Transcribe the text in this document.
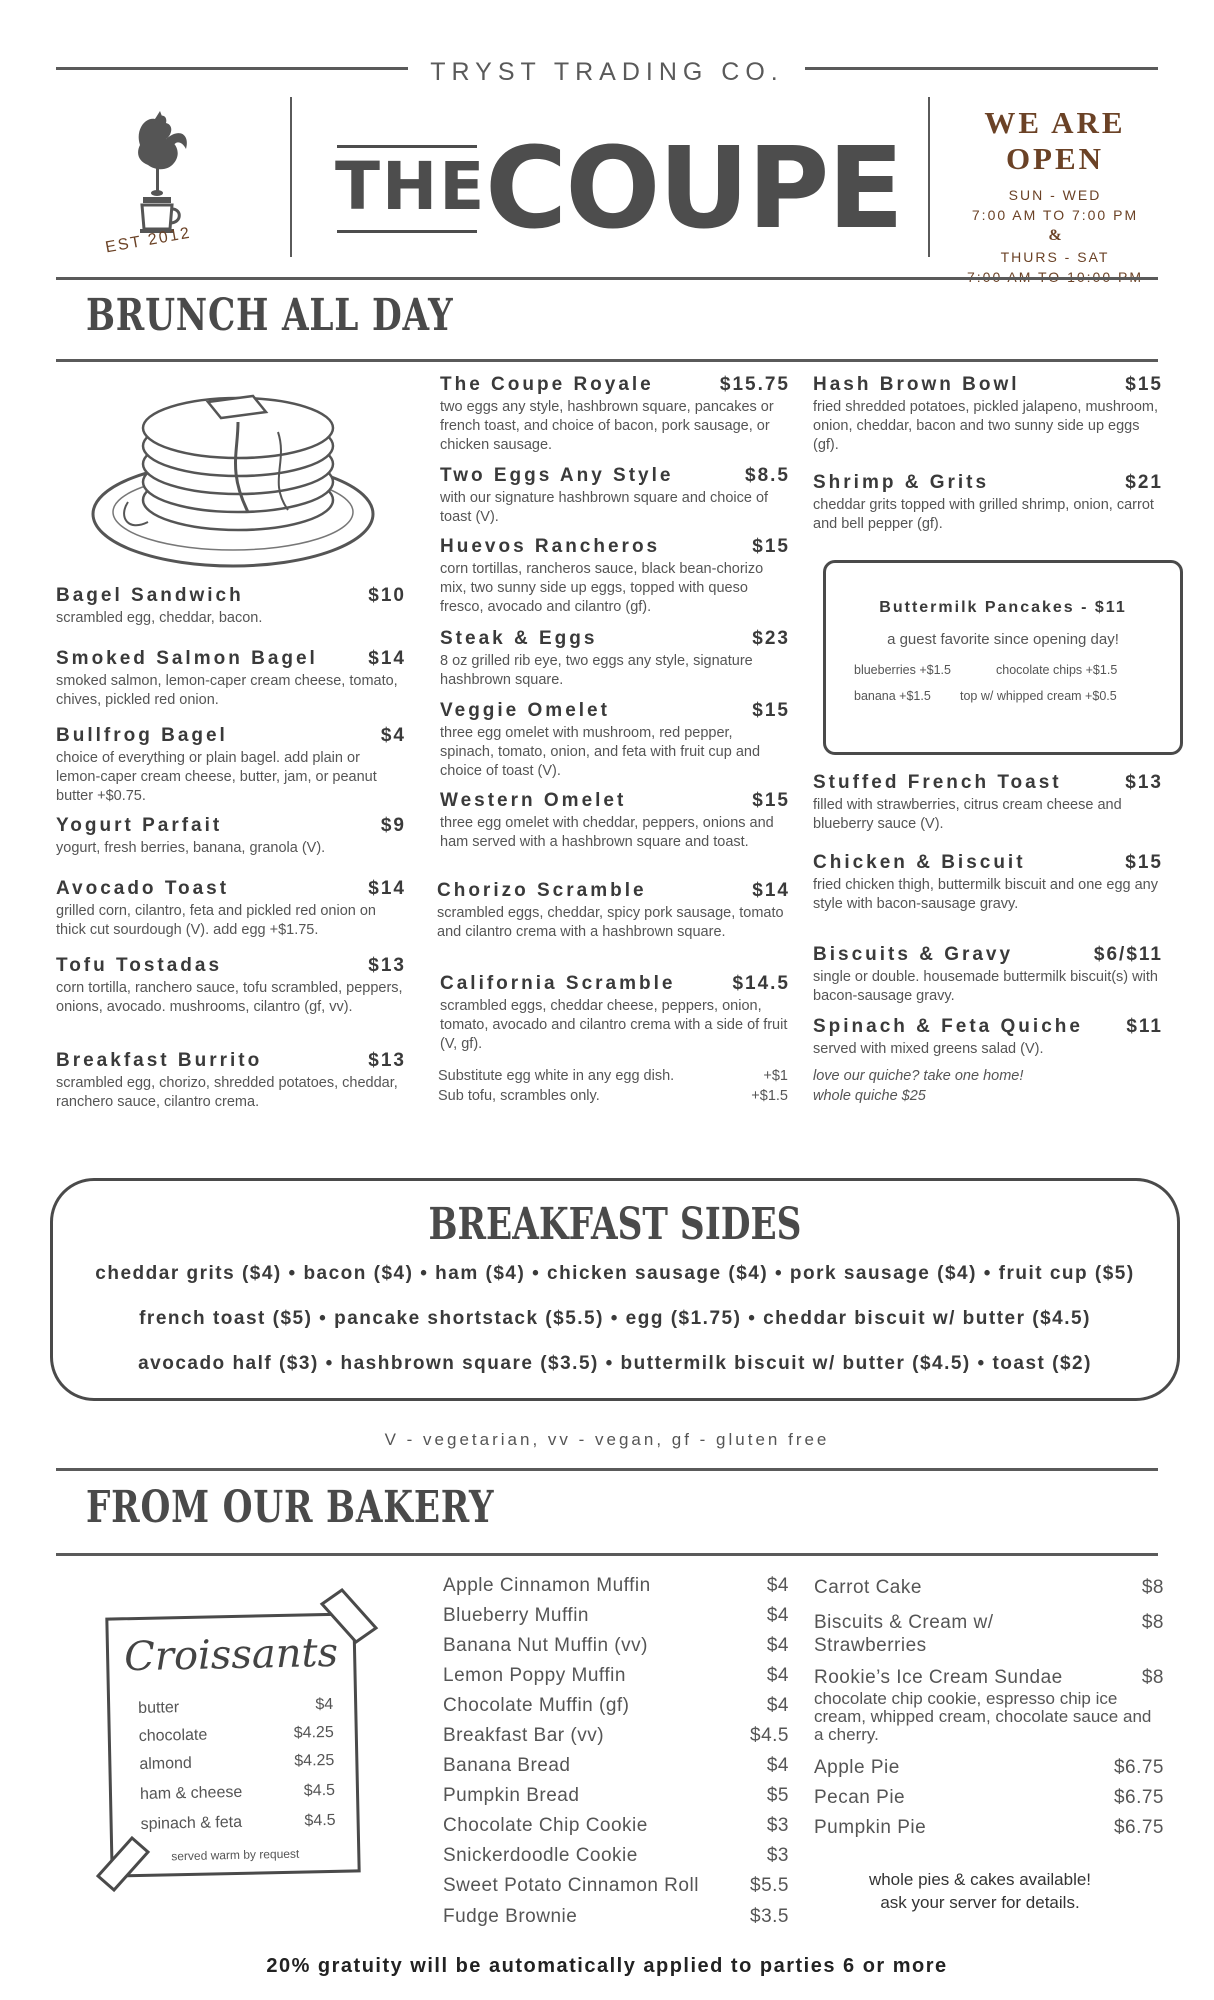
TRYST TRADING CO.
EST 2012
THE
COUPE
WE ARE OPEN
SUN - WED
7:00 AM TO 7:00 PM
&
THURS - SAT
BRUNCH ALL DAY
Bagel Sandwich	$10
scrambled egg, cheddar, bacon.
Smoked Salmon Bagel	$14
smoked salmon, lemon-caper cream cheese, tomato, chives, pickled red onion.
Bullfrog Bagel	$4
choice of everything or plain bagel. add plain or lemon-caper cream cheese, butter, jam, or peanut butter +$0.75.
Yogurt Parfait	$9
yogurt, fresh berries, banana, granola (V).
Avocado Toast	$14
grilled corn, cilantro, feta and pickled red onion on thick cut sourdough (V). add egg +$1.75.
Tofu Tostadas	$13
corn tortilla, ranchero sauce, tofu scrambled, peppers, onions, avocado. mushrooms, cilantro (gf, vv).
Breakfast Burrito	$13
scrambled egg, chorizo, shredded potatoes, cheddar, ranchero sauce, cilantro crema.
The Coupe Royale	$15.75
two eggs any style, hashbrown square, pancakes or french toast, and choice of bacon, pork sausage, or chicken sausage.
Two Eggs Any Style	$8.5
with our signature hashbrown square and choice of toast (V).
Huevos Rancheros	$15
corn tortillas, rancheros sauce, black bean-chorizo mix, two sunny side up eggs, topped with queso fresco, avocado and cilantro (gf).
Steak & Eggs	$23
8 oz grilled rib eye, two eggs any style, signature hashbrown square.
Veggie Omelet	$15
three egg omelet with mushroom, red pepper, spinach, tomato, onion, and feta with fruit cup and choice of toast (V).
Western Omelet	$15
three egg omelet with cheddar, peppers, onions and ham served with a hashbrown square and toast.
Chorizo Scramble	$14
scrambled eggs, cheddar, spicy pork sausage, tomato and cilantro crema with a hashbrown square.
California Scramble	$14.5
scrambled eggs, cheddar cheese, peppers, onion, tomato, avocado and cilantro crema with a side of fruit (V, gf).
Substitute egg white in any egg dish.	+$1
Sub tofu, scrambles only.	+$1.5
Hash Brown Bowl	$15
fried shredded potatoes, pickled jalapeno, mushroom, onion, cheddar, bacon and two sunny side up eggs (gf).
Shrimp & Grits	$21
cheddar grits topped with grilled shrimp, onion, carrot and bell pepper (gf).
Buttermilk Pancakes - $11
a guest favorite since opening day!
blueberries +$1.5	chocolate chips +$1.5
banana +$1.5 top w/ whipped cream +$0.5
Stuffed French Toast	$13
filled with strawberries, citrus cream cheese and blueberry sauce (V).
Chicken & Biscuit	$15
fried chicken thigh, buttermilk biscuit and one egg any style with bacon-sausage gravy.
Biscuits & Gravy	$6/$11
single or double. housemade buttermilk biscuit(s) with bacon-sausage gravy.
Spinach & Feta Quiche $11
served with mixed greens salad (V).
love our quiche? take one home!
whole quiche $25
BREAKFAST SIDES
cheddar grits ($4) • bacon ($4) • ham ($4) • chicken sausage ($4) • pork sausage ($4) • fruit cup ($5)
french toast ($5) • pancake shortstack ($5.5) • egg ($1.75) • cheddar biscuit w/ butter ($4.5)
avocado half ($3) • hashbrown square ($3.5) • buttermilk biscuit w/ butter ($4.5) • toast ($2)
V - vegetarian, vv - vegan, gf - gluten free
FROM OUR BAKERY
Croissants
butter	$4
chocolate	$4.25
almond	$4.25
ham & cheese	$4.5
spinach & feta	$4.5
served warm by request
Apple Cinnamon Muffin	$4
Blueberry Muffin	$4
Banana Nut Muffin (vv)	$4
Lemon Poppy Muffin	$4
Chocolate Muffin (gf)	$4
Breakfast Bar (vv)	$4.5
Banana Bread	$4
Pumpkin Bread	$5
Chocolate Chip Cookie	$3
Snickerdoodle Cookie	$3
Sweet Potato Cinnamon Roll	$5.5
Fudge Brownie	$3.5
Carrot Cake	$8
Biscuits & Cream w/	$8
Strawberries
Rookie’s Ice Cream Sundae	$8
chocolate chip cookie, espresso chip ice cream, whipped cream, chocolate sauce and a cherry.
Apple Pie	$6.75
Pecan Pie	$6.75
Pumpkin Pie	$6.75
whole pies & cakes available!
ask your server for details.
20% gratuity will be automatically applied to parties 6 or more
